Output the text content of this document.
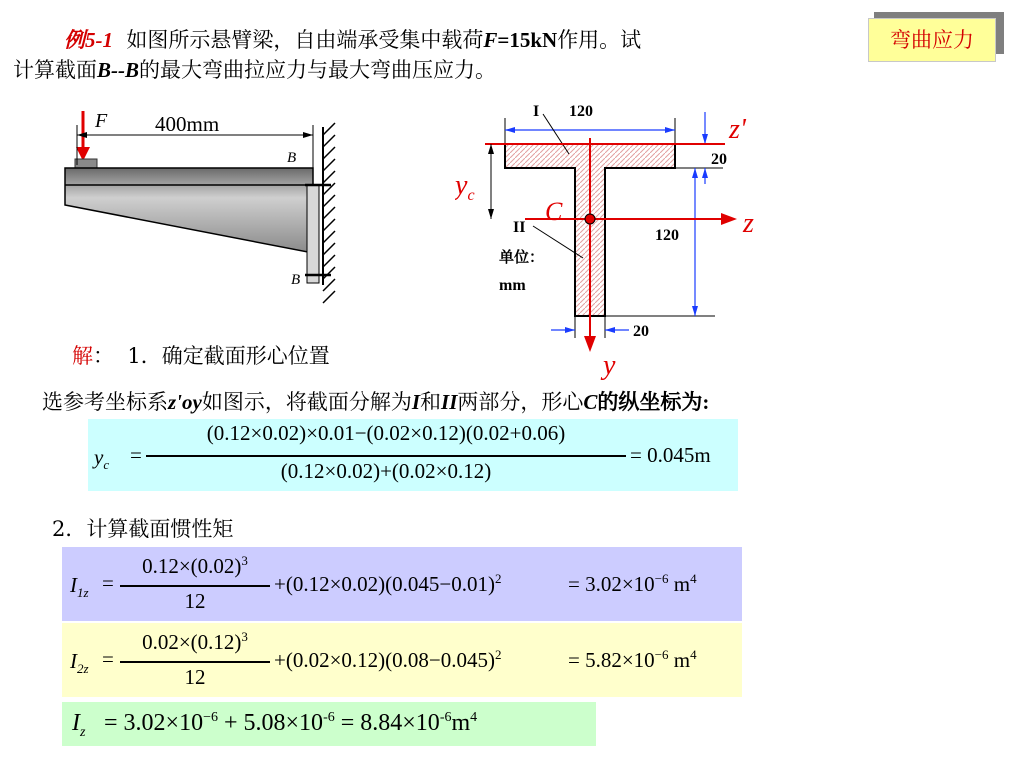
弯曲应力
例5-1 如图所示悬臂梁，自由端承受集中载荷F=15kN作用。试
计算截面B--B的最大弯曲拉应力与最大弯曲压应力。
F 400mm
B
B
120
I
20
120
20
II
单位：
mm
z'
z
y
$y_c$
C
解： 1．确定截面形心位置
选参考坐标系z'oy如图示，将截面分解为I和II两部分，形心C的纵坐标为:
$y_c$ =
(0.12×0.02)×0.01−(0.02×0.12)(0.02+0.06)
(0.12×0.02)+(0.02×0.12)
= 0.045m
2．计算截面惯性矩
$I_{1z}$ =
$0.12\times(0.02)^3$
12
$+(0.12\times 0.02)(0.045-0.01)^2$	= $3.02\times 10^{-6}$ $m^4$
$I_{2z}$ =
$0.02\times(0.12)^3$
12
$+(0.02\times 0.12)(0.08-0.045)^2$	= $5.82\times 10^{-6}$ $m^4$
$I_z = 3.02\times 10^{-6} + 5.08\times 10^{-6} = 8.84\times 10^{-6}m^4$
